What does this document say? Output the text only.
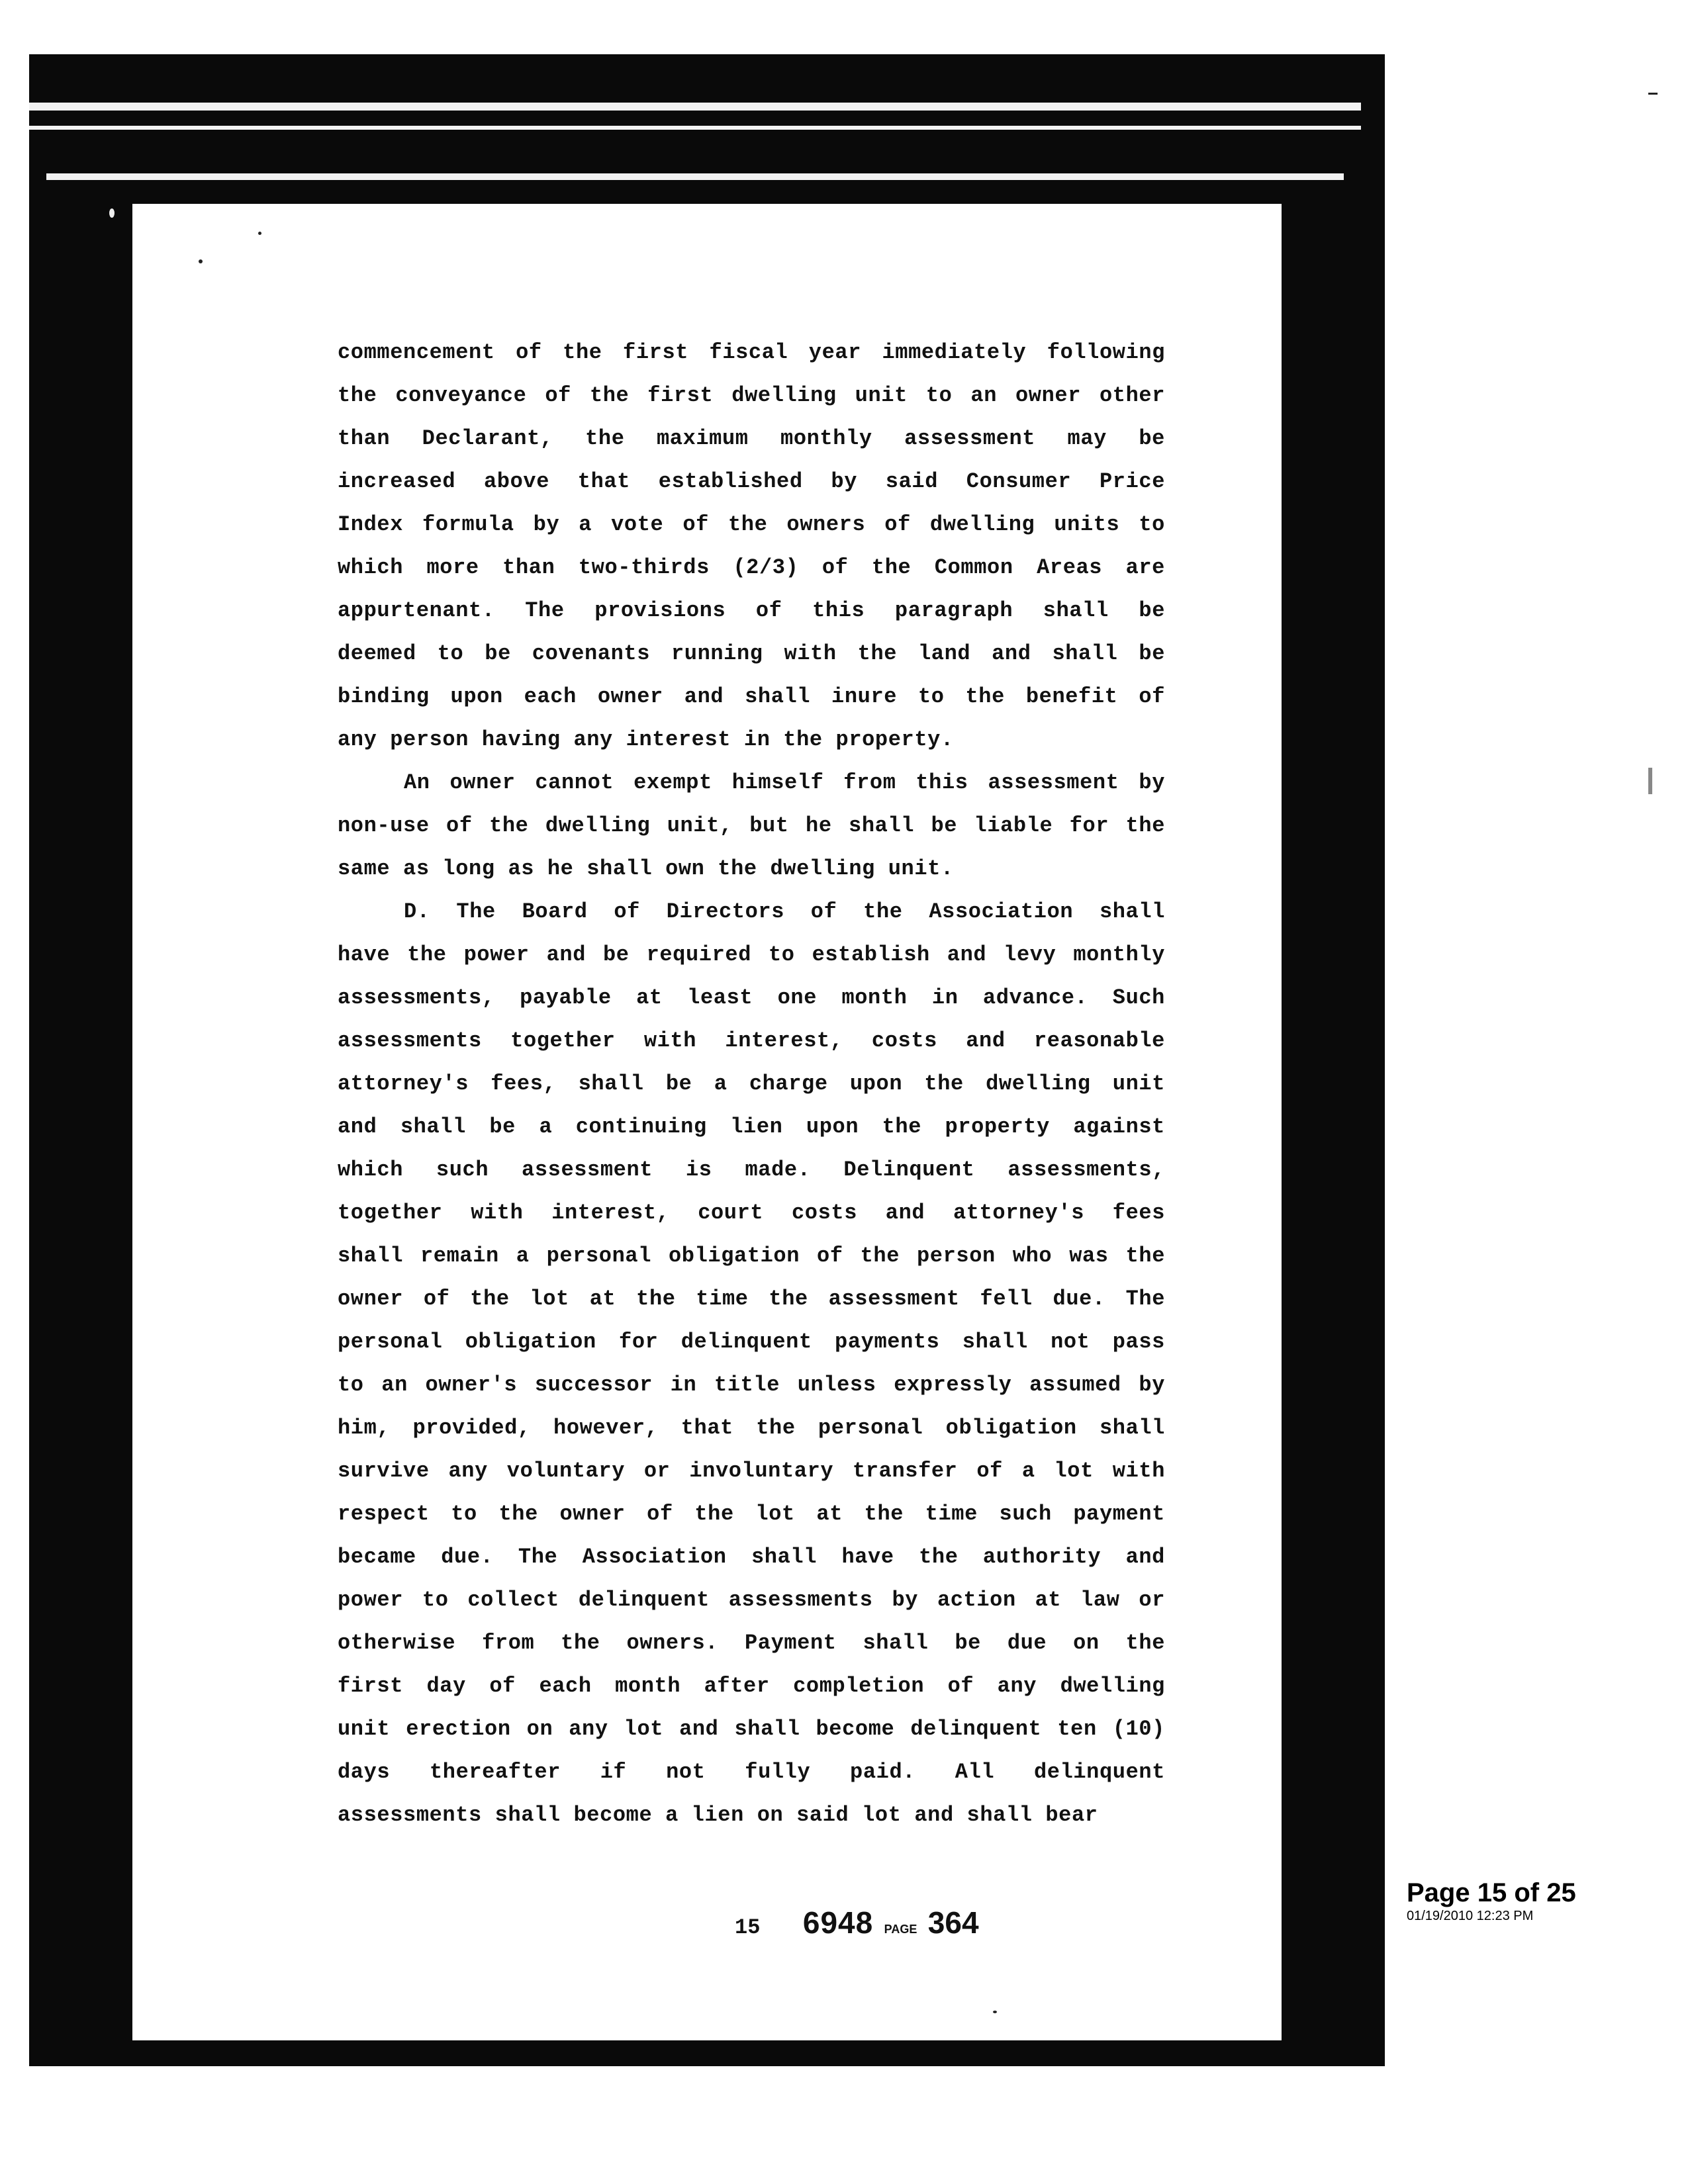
commencement of the first fiscal year immediately following
the conveyance of the first dwelling unit to an owner other
than Declarant, the maximum monthly assessment may be
increased above that established by said Consumer Price
Index formula by a vote of the owners of dwelling units to
which more than two-thirds (2/3) of the Common Areas are
appurtenant. The provisions of this paragraph shall be
deemed to be covenants running with the land and shall be
binding upon each owner and shall inure to the benefit of
any person having any interest in the property.
An owner cannot exempt himself from this assessment by
non-use of the dwelling unit, but he shall be liable for the
same as long as he shall own the dwelling unit.
D. The Board of Directors of the Association shall
have the power and be required to establish and levy monthly
assessments, payable at least one month in advance. Such
assessments together with interest, costs and reasonable
attorney's fees, shall be a charge upon the dwelling unit
and shall be a continuing lien upon the property against
which such assessment is made. Delinquent assessments,
together with interest, court costs and attorney's fees
shall remain a personal obligation of the person who was the
owner of the lot at the time the assessment fell due. The
personal obligation for delinquent payments shall not pass
to an owner's successor in title unless expressly assumed by
him, provided, however, that the personal obligation shall
survive any voluntary or involuntary transfer of a lot with
respect to the owner of the lot at the time such payment
became due. The Association shall have the authority and
power to collect delinquent assessments by action at law or
otherwise from the owners. Payment shall be due on the
first day of each month after completion of any dwelling
unit erection on any lot and shall become delinquent ten (10)
days thereafter if not fully paid. All delinquent
assessments shall become a lien on said lot and shall bear
15 6948 PAGE 364
Page 15 of 25
01/19/2010 12:23 PM
